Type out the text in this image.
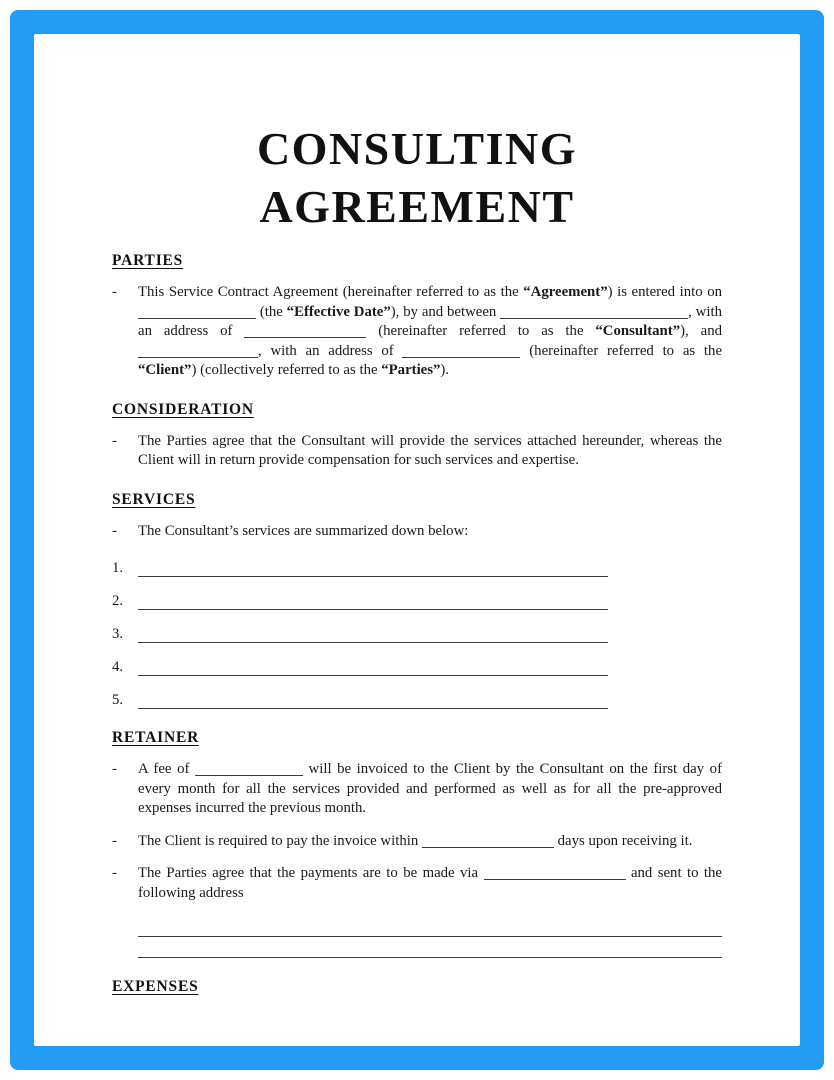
CONSULTING
AGREEMENT
PARTIES
-	This Service Contract Agreement (hereinafter referred to as the “Agreement”) is entered into on  (the “Effective Date”), by and between	, with an address of	(hereinafter referred to as the “Consultant”), and , with an address of	(hereinafter referred to as the “Client”) (collectively referred to as the “Parties”).
CONSIDERATION
-	The Parties agree that the Consultant will provide the services attached hereunder, whereas the Client will in return provide compensation for such services and expertise.
SERVICES
-	The Consultant’s services are summarized down below:
1.
2.
3.
4.
5.
RETAINER
-	A fee of	will be invoiced to the Client by the Consultant on the first day of every month for all the services provided and performed as well as for all the pre-approved expenses incurred the previous month.
-	The Client is required to pay the invoice within	days upon receiving it.
-	The Parties agree that the payments are to be made via	and sent to the following address
EXPENSES
